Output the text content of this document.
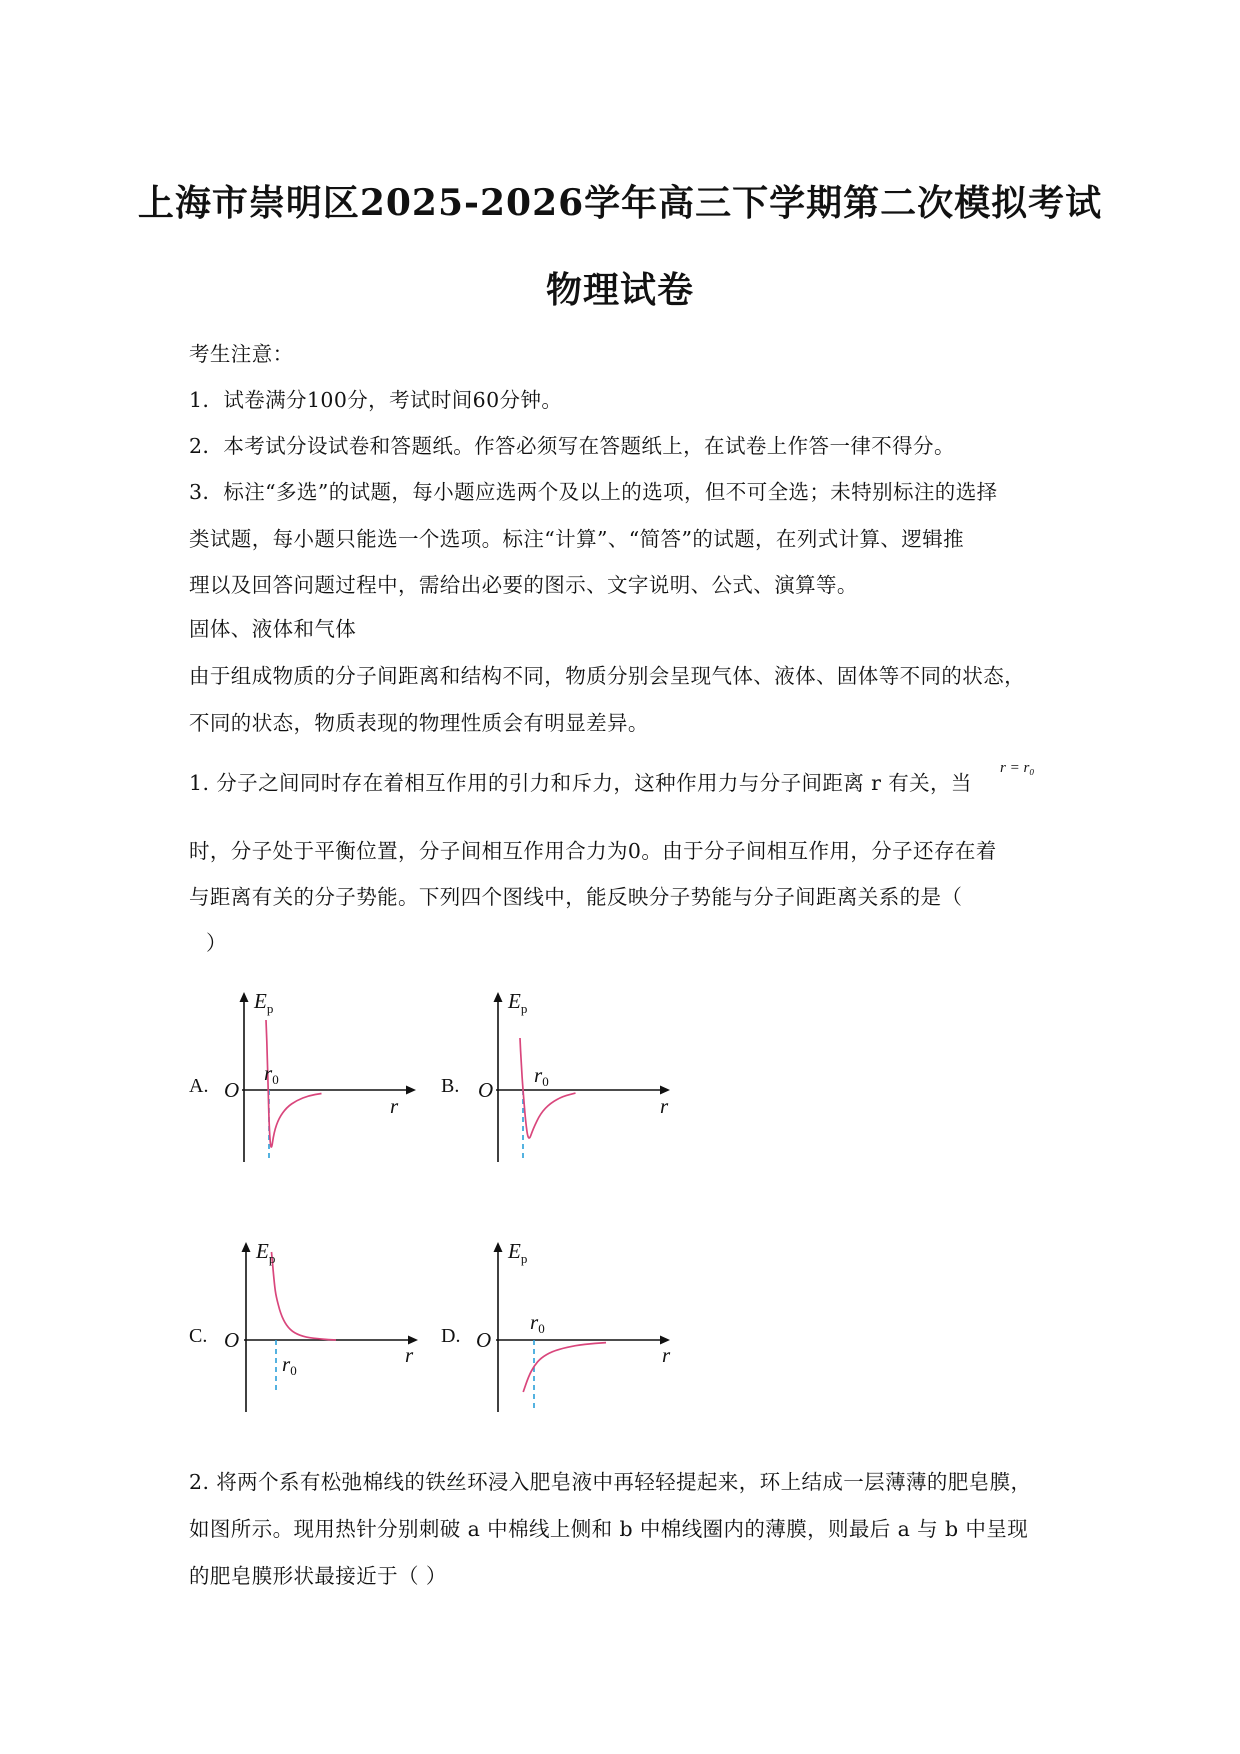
上海市崇明区2025-2026学年高三下学期第二次模拟考试
物理试卷
考生注意：
1．试卷满分100分，考试时间60分钟。
2．本考试分设试卷和答题纸。作答必须写在答题纸上，在试卷上作答一律不得分。
3．标注“多选”的试题，每小题应选两个及以上的选项，但不可全选；未特别标注的选择
类试题，每小题只能选一个选项。标注“计算”、“简答”的试题，在列式计算、逻辑推
理以及回答问题过程中，需给出必要的图示、文字说明、公式、演算等。
固体、液体和气体
由于组成物质的分子间距离和结构不同，物质分别会呈现气体、液体、固体等不同的状态，
不同的状态，物质表现的物理性质会有明显差异。
1. 分子之间同时存在着相互作用的引力和斥力，这种作用力与分子间距离 r 有关，当
r = r₀
时，分子处于平衡位置，分子间相互作用合力为0。由于分子间相互作用，分子还存在着
与距离有关的分子势能。下列四个图线中，能反映分子势能与分子间距离关系的是（
）
A.
$E_p$
O
r
r0	B.
$E_p$
O
r
r0
C.
$E_p$
O
r
r0
D.
$E_p$
O
r
r0
2. 将两个系有松弛棉线的铁丝环浸入肥皂液中再轻轻提起来，环上结成一层薄薄的肥皂膜，
如图所示。现用热针分别刺破 a 中棉线上侧和 b 中棉线圈内的薄膜，则最后 a 与 b 中呈现
的肥皂膜形状最接近于（ ）
